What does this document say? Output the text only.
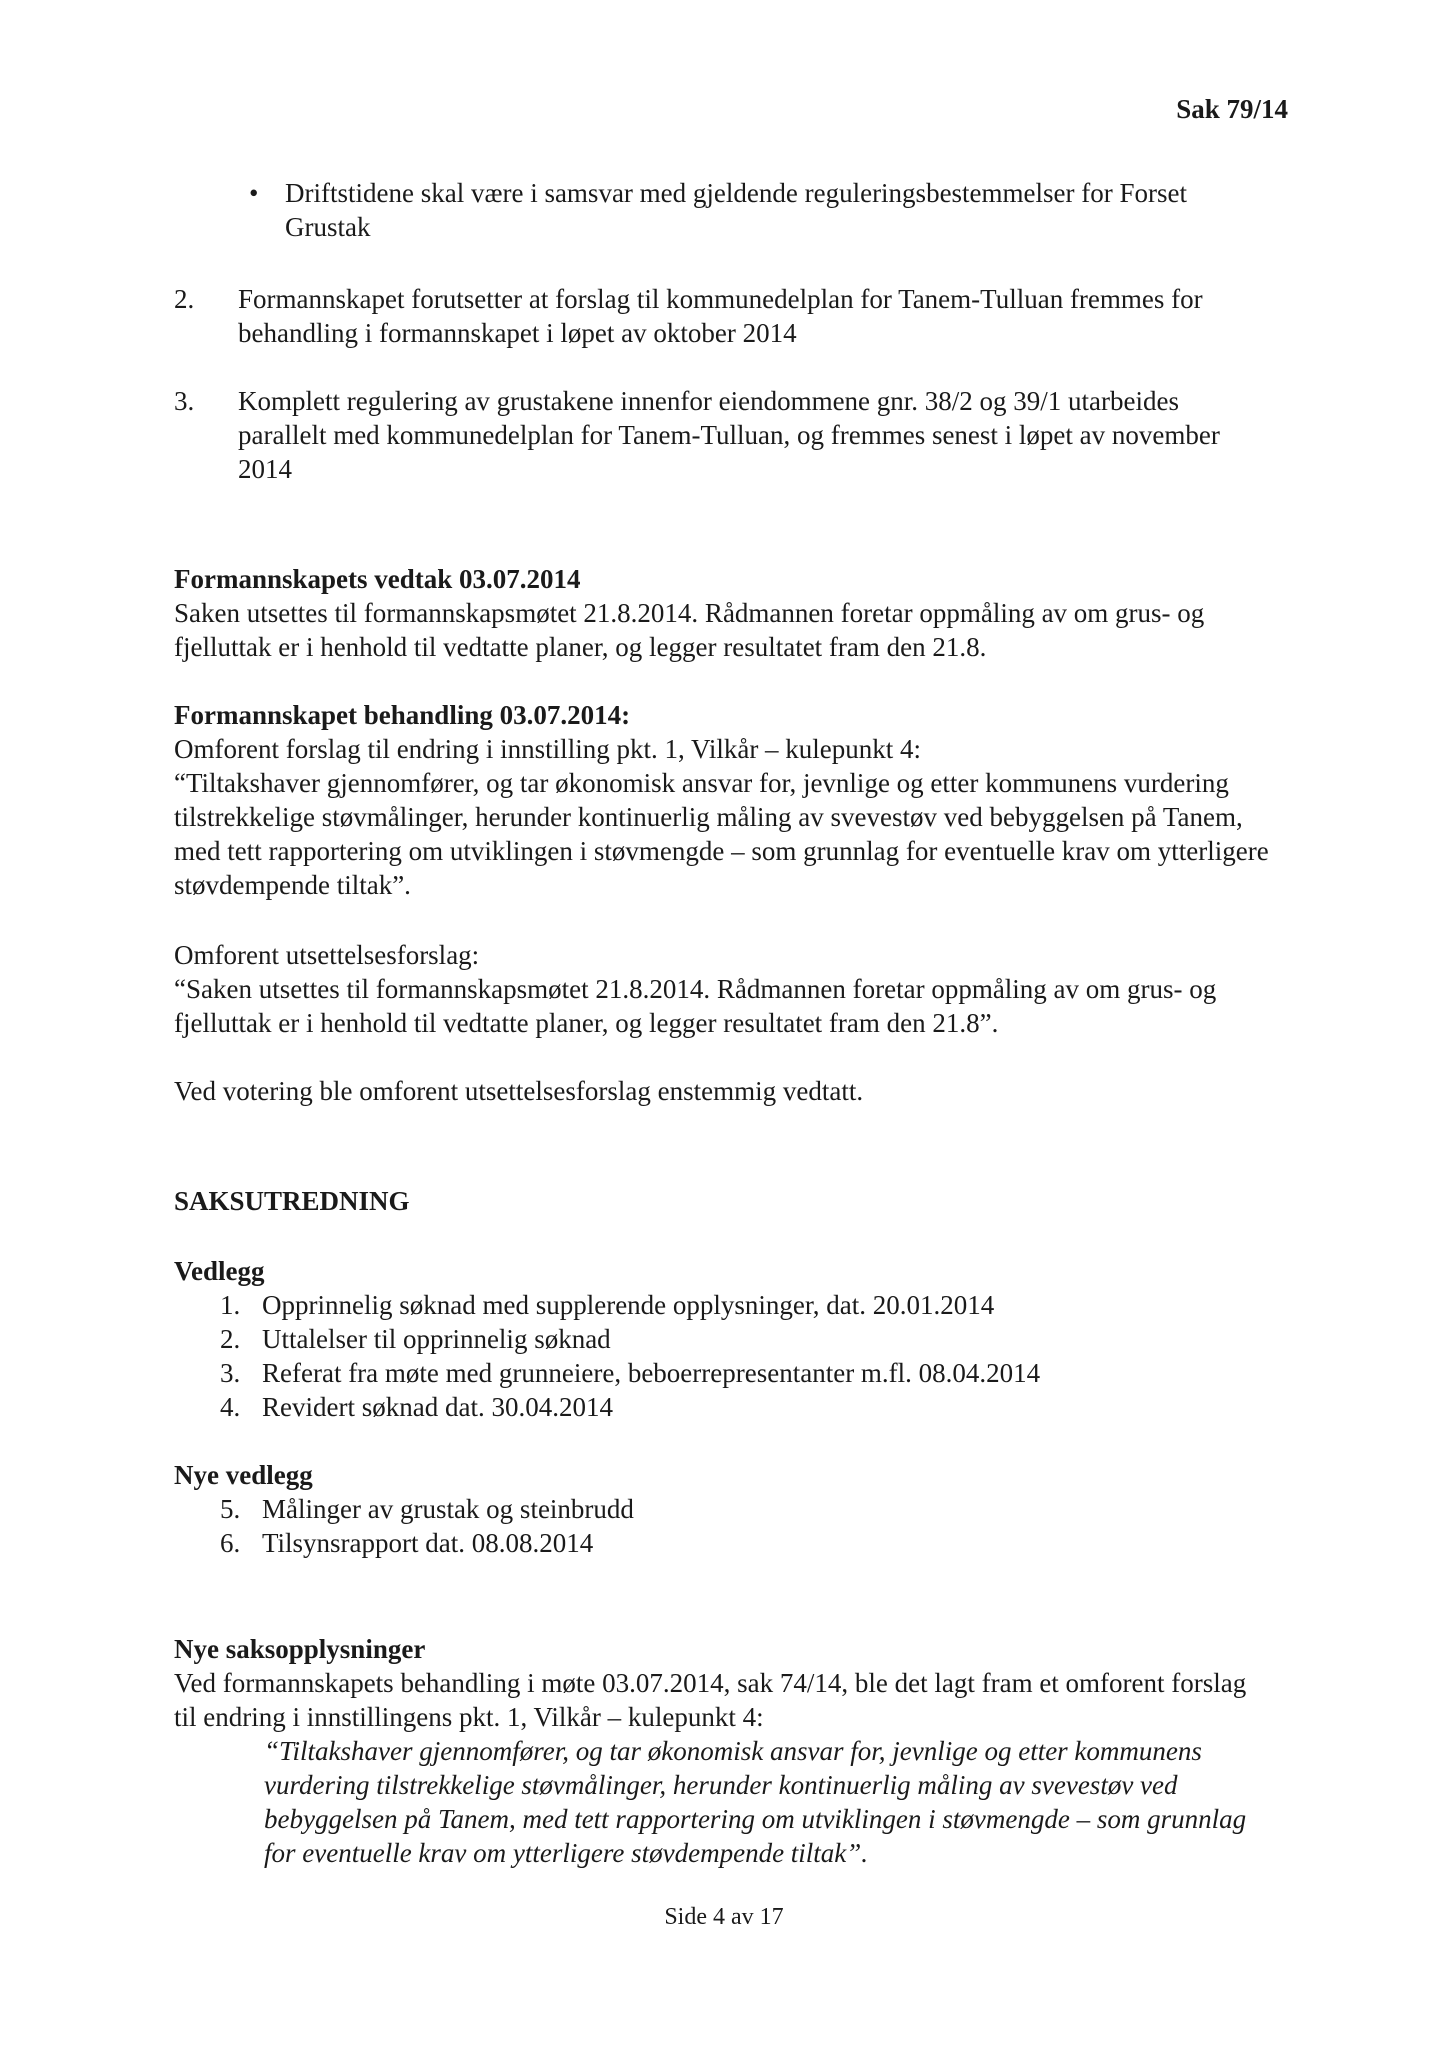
Sak 79/14

• Driftstidene skal være i samsvar med gjeldende reguleringsbestemmelser for Forset Grustak
2. Formannskapet forutsetter at forslag til kommunedelplan for Tanem-Tulluan fremmes for behandling i formannskapet i løpet av oktober 2014
3. Komplett regulering av grustakene innenfor eiendommene gnr. 38/2 og 39/1 utarbeides parallelt med kommunedelplan for Tanem-Tulluan, og fremmes senest i løpet av november 2014
Formannskapets vedtak 03.07.2014
Saken utsettes til formannskapsmøtet 21.8.2014. Rådmannen foretar oppmåling av om grus- og fjelluttak er i henhold til vedtatte planer, og legger resultatet fram den 21.8.
Formannskapet behandling 03.07.2014:
Omforent forslag til endring i innstilling pkt. 1, Vilkår – kulepunkt 4:
“Tiltakshaver gjennomfører, og tar økonomisk ansvar for, jevnlige og etter kommunens vurdering tilstrekkelige støvmålinger, herunder kontinuerlig måling av svevestøv ved bebyggelsen på Tanem, med tett rapportering om utviklingen i støvmengde – som grunnlag for eventuelle krav om ytterligere støvdempende tiltak”.
Omforent utsettelsesforslag:
“Saken utsettes til formannskapsmøtet 21.8.2014. Rådmannen foretar oppmåling av om grus- og fjelluttak er i henhold til vedtatte planer, og legger resultatet fram den 21.8”.
Ved votering ble omforent utsettelsesforslag enstemmig vedtatt.
SAKSUTREDNING
Vedlegg
1. Opprinnelig søknad med supplerende opplysninger, dat. 20.01.2014
2. Uttalelser til opprinnelig søknad
3. Referat fra møte med grunneiere, beboerrepresentanter m.fl. 08.04.2014
4. Revidert søknad dat. 30.04.2014
Nye vedlegg
5. Målinger av grustak og steinbrudd
6. Tilsynsrapport dat. 08.08.2014
Nye saksopplysninger
Ved formannskapets behandling i møte 03.07.2014, sak 74/14, ble det lagt fram et omforent forslag til endring i innstillingens pkt. 1, Vilkår – kulepunkt 4:
“Tiltakshaver gjennomfører, og tar økonomisk ansvar for, jevnlige og etter kommunens vurdering tilstrekkelige støvmålinger, herunder kontinuerlig måling av svevestøv ved bebyggelsen på Tanem, med tett rapportering om utviklingen i støvmengde – som grunnlag for eventuelle krav om ytterligere støvdempende tiltak”.
Side 4 av 17
